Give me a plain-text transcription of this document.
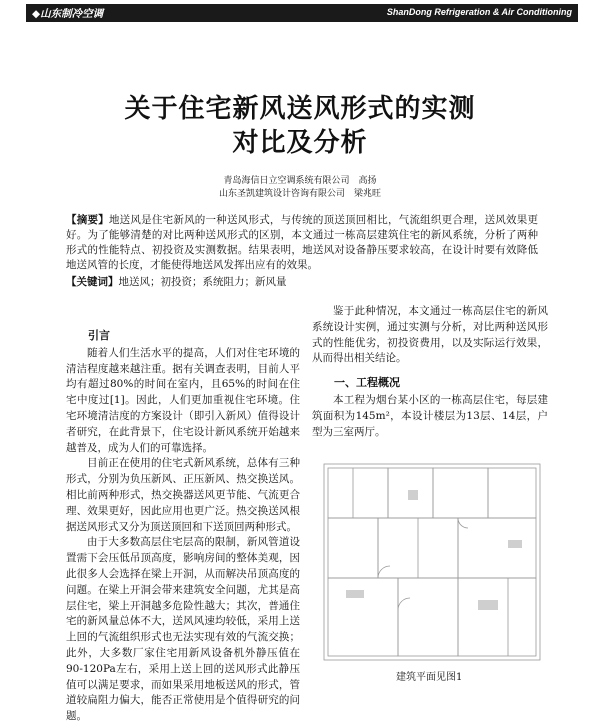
◆山东制冷空调	ShanDong Refrigeration & Air Conditioning
关于住宅新风送风形式的实测
对比及分析
青岛海信日立空调系统有限公司　高扬
山东圣凯建筑设计咨询有限公司　梁兆旺
【摘要】地送风是住宅新风的一种送风形式，与传统的顶送顶回相比，气流组织更合理，送风效果更好。为了能够清楚的对比两种送风形式的区别，本文通过一栋高层建筑住宅的新风系统，分析了两种形式的性能特点、初投资及实测数据。结果表明，地送风对设备静压要求较高，在设计时要有效降低地送风管的长度，才能使得地送风发挥出应有的效果。
【关键词】地送风；初投资；系统阻力；新风量

引言

随着人们生活水平的提高，人们对住宅环境的清洁程度越来越注重。据有关调查表明，目前人平均有超过80%的时间在室内，且65%的时间在住宅中度过[1]。因此，人们更加重视住宅环境。住宅环境清洁度的方案设计（即引入新风）值得设计者研究，在此背景下，住宅设计新风系统开始越来越普及，成为人们的可靠选择。

目前正在使用的住宅式新风系统，总体有三种形式，分别为负压新风、正压新风、热交换送风。相比前两种形式，热交换器送风更节能、气流更合理、效果更好，因此应用也更广泛。热交换送风根据送风形式又分为顶送顶回和下送顶回两种形式。

由于大多数高层住宅层高的限制，新风管道设置需下会压低吊顶高度，影响房间的整体美观，因此很多人会选择在梁上开洞，从而解决吊顶高度的问题。在梁上开洞会带来建筑安全问题，尤其是高层住宅，梁上开洞越多危险性越大；其次，普通住宅的新风量总体不大，送风风速均较低，采用上送上回的气流组织形式也无法实现有效的气流交换；此外，大多数厂家住宅用新风设备机外静压值在90-120Pa左右，采用上送上回的送风形式此静压值可以满足要求，而如果采用地板送风的形式，管道较扁阻力偏大，能否正常使用是个值得研究的问题。

鉴于此种情况，本文通过一栋高层住宅的新风系统设计实例，通过实测与分析，对比两种送风形式的性能优劣，初投资费用，以及实际运行效果，从而得出相关结论。

一、工程概况

本工程为烟台某小区的一栋高层住宅，每层建筑面积为145m²，本设计楼层为13层、14层，户型为三室两厅。

建筑平面见图1
